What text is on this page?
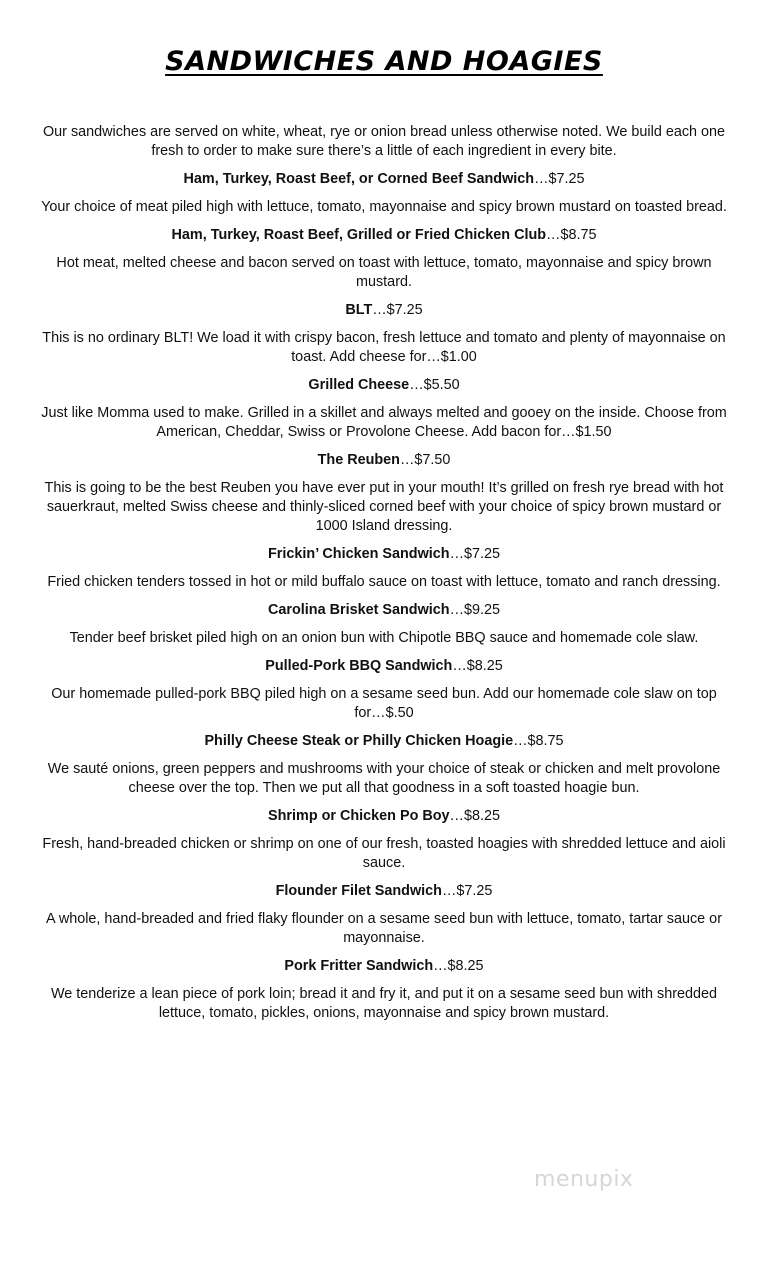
SANDWICHES AND HOAGIES

Our sandwiches are served on white, wheat, rye or onion bread unless otherwise noted. We build each one fresh to order to make sure there’s a little of each ingredient in every bite.

Ham, Turkey, Roast Beef, or Corned Beef Sandwich…$7.25

Your choice of meat piled high with lettuce, tomato, mayonnaise and spicy brown mustard on toasted bread.

Ham, Turkey, Roast Beef, Grilled or Fried Chicken Club…$8.75

Hot meat, melted cheese and bacon served on toast with lettuce, tomato, mayonnaise and spicy brown mustard.

BLT…$7.25

This is no ordinary BLT! We load it with crispy bacon, fresh lettuce and tomato and plenty of mayonnaise on toast. Add cheese for…$1.00

Grilled Cheese…$5.50

Just like Momma used to make. Grilled in a skillet and always melted and gooey on the inside. Choose from American, Cheddar, Swiss or Provolone Cheese. Add bacon for…$1.50

The Reuben…$7.50

This is going to be the best Reuben you have ever put in your mouth! It’s grilled on fresh rye bread with hot sauerkraut, melted Swiss cheese and thinly-sliced corned beef with your choice of spicy brown mustard or 1000 Island dressing.

Frickin’ Chicken Sandwich…$7.25

Fried chicken tenders tossed in hot or mild buffalo sauce on toast with lettuce, tomato and ranch dressing.

Carolina Brisket Sandwich…$9.25

Tender beef brisket piled high on an onion bun with Chipotle BBQ sauce and homemade cole slaw.

Pulled-Pork BBQ Sandwich…$8.25

Our homemade pulled-pork BBQ piled high on a sesame seed bun. Add our homemade cole slaw on top for…$.50

Philly Cheese Steak or Philly Chicken Hoagie…$8.75

We sauté onions, green peppers and mushrooms with your choice of steak or chicken and melt provolone cheese over the top. Then we put all that goodness in a soft toasted hoagie bun.

Shrimp or Chicken Po Boy…$8.25

Fresh, hand-breaded chicken or shrimp on one of our fresh, toasted hoagies with shredded lettuce and aioli sauce.

Flounder Filet Sandwich…$7.25

A whole, hand-breaded and fried flaky flounder on a sesame seed bun with lettuce, tomato, tartar sauce or mayonnaise.

Pork Fritter Sandwich…$8.25

We tenderize a lean piece of pork loin; bread it and fry it, and put it on a sesame seed bun with shredded lettuce, tomato, pickles, onions, mayonnaise and spicy brown mustard.

menupix
